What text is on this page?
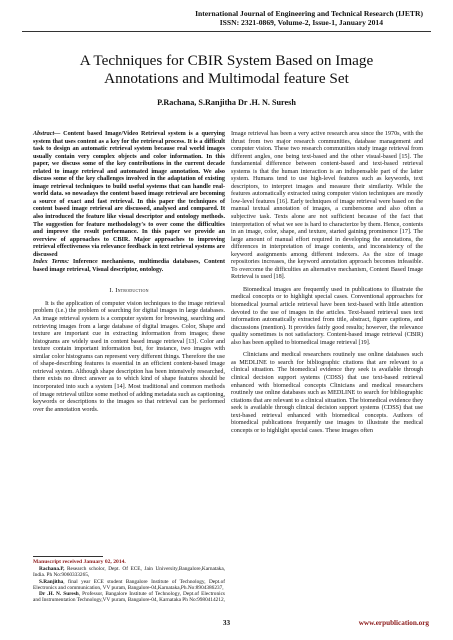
International Journal of Engineering and Technical Research (IJETR)
ISSN: 2321-0869, Volume-2, Issue-1, January 2014
A Techniques for CBIR System Based on Image
Annotations and Multimodal feature Set
P.Rachana, S.Ranjitha Dr .H. N. Suresh

Abstract— Content based Image/Video Retrieval system is a querying system that uses content as a key for the retrieval process. It is a difficult task to design an automatic retrieval system because real world images usually contain very complex objects and color information. In this paper, we discuss some of the key contributions in the current decade related to image retrieval and automated image annotation. We also discuss some of the key challenges involved in the adaptation of existing image retrieval techniques to build useful systems that can handle real-world data. so nowadays the content based image retrieval are becoming a source of exact and fast retrieval. In this paper the techniques of content based image retrieval are discussed, analysed and compared. It also introduced the feature like visual descriptor and ontology methods. The suggestion for feature methodology's to over come the difficulties and improve the result performance. In this paper we provide an overview of approaches to CBIR. Major approaches to improving retrieval effectiveness via relevance feedback in text retrieval systems are discussed

Index Terms: Inference mechanisms, multimedia databases, Content based image retrieval, Visual descriptor, ontology.

I. Introduction

It is the application of computer vision techniques to the image retrieval problem (i.e.) the problem of searching for digital images in large databases. An image retrieval system is a computer system for browsing, searching and retrieving images from a large database of digital images. Color, Shape and texture are important cue in extracting information from images; these histograms are widely used in content based image retrieval [13]. Color and texture contain important information but, for instance, two images with similar color histograms can represent very different things. Therefore the use of shape-describing features is essential in an efficient content-based image retrieval system. Although shape description has been intensively researched, there exists no direct answer as to which kind of shape features should be incorporated into such a system [14]. Most traditional and common methods of image retrieval utilize some method of adding metadata such as captioning, keywords or descriptions to the images so that retrieval can be performed over the annotation words.

Image retrieval has been a very active research area since the 1970s, with the thrust from two major research communities, database management and computer vision. These two research communities study image retrieval from different angles, one being text-based and the other visual-based [15]. The fundamental difference between content-based and text-based retrieval systems is that the human interaction is an indispensable part of the latter system. Humans tend to use high-level features such as keywords, text descriptors, to interpret images and measure their similarity. While the features automatically extracted using computer vision techniques are mostly low-level features [16]. Early techniques of image retrieval were based on the manual textual annotation of images, a cumbersome and also often a subjective task. Texts alone are not sufficient because of the fact that interpretation of what we see is hard to characterize by them. Hence, contents in an image, color, shape, and texture, started gaining prominence [17]. The large amount of manual effort required in developing the annotations, the differences in interpretation of image contents, and inconsistency of the keyword assignments among different indexers. As the size of image repositories increases, the keyword annotation approach becomes infeasible. To overcome the difficulties an alternative mechanism, Content Based Image Retrieval is used [18].

Biomedical images are frequently used in publications to illustrate the medical concepts or to highlight special cases. Conventional approaches for biomedical journal article retrieval have been text-based with little attention devoted to the use of images in the articles. Text-based retrieval uses text information automatically extracted from title, abstract, figure captions, and discussions (mention). It provides fairly good results; however, the relevance quality sometimes is not satisfactory. Content-based image retrieval (CBIR) also has been applied to biomedical image retrieval [19].

Clinicians and medical researchers routinely use online databases such as MEDLINE to search for bibliographic citations that are relevant to a clinical situation. The biomedical evidence they seek is available through clinical decision support systems (CDSS) that use text-based retrieval enhanced with biomedical concepts Clinicians and medical researchers routinely use online databases such as MEDLINE to search for bibliographic citations that are relevant to a clinical situation. The biomedical evidence they seek is available through clinical decision support systems (CDSS) that use text-based retrieval enhanced with biomedical concepts. Authors of biomedical publications frequently use images to illustrate the medical concepts or to highlight special cases. These images often

Manuscript received January 02, 2014.

Rachana.P, Research scholor, Dept. Of ECE, Jain University,Bangalore,Karnataka, India. Ph No:9060333265,

S.Ranjitha, final year ECE student Bangalore Institute of Technology, Dept.of Electronics and communication, VV puram, Bangalore-04,Karnataka,Ph.No:8904386237,

Dr .H. N. Suresh, Professor, Bangalore Institute of Technology, Dept.of Electronics and Instrumentation Technology,VV puram, Bangalore-04, Karnataka Ph No:9980414212,

33	www.erpublication.org
